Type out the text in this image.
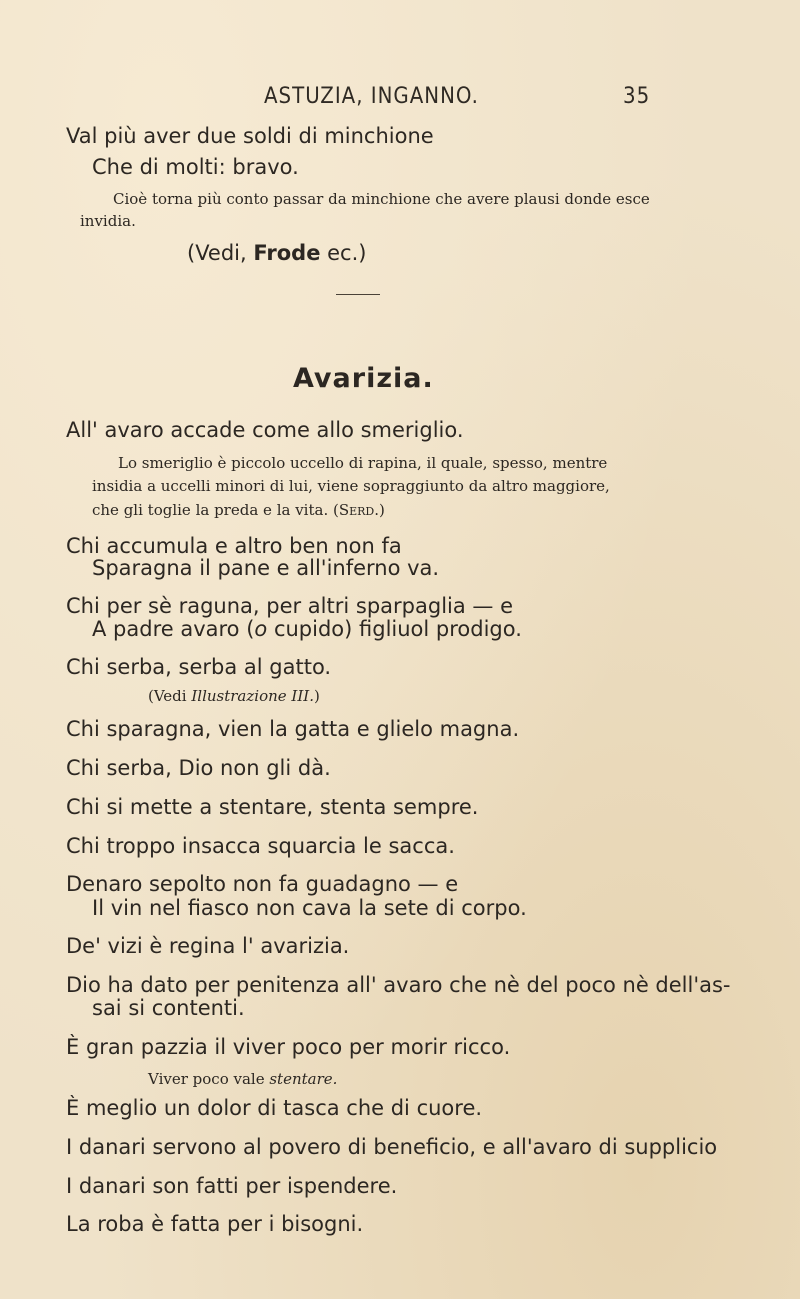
ASTUZIA, INGANNO.	35
Val più aver due soldi di minchione
Che di molti: bravo.
Cioè torna più conto passar da minchione che avere plausi donde esce
invidia.
(Vedi, Frode ec.)
Avarizia.
All' avaro accade come allo smeriglio.
Lo smeriglio è piccolo uccello di rapina, il quale, spesso, mentre
insidia a uccelli minori di lui, viene sopraggiunto da altro maggiore,
che gli toglie la preda e la vita. (Serd.)
Chi accumula e altro ben non fa
Sparagna il pane e all'inferno va.
Chi per sè raguna, per altri sparpaglia — e
A padre avaro (o cupido) figliuol prodigo.
Chi serba, serba al gatto.
(Vedi Illustrazione III.)
Chi sparagna, vien la gatta e glielo magna.
Chi serba, Dio non gli dà.
Chi si mette a stentare, stenta sempre.
Chi troppo insacca squarcia le sacca.
Denaro sepolto non fa guadagno — e
Il vin nel fiasco non cava la sete di corpo.
De' vizi è regina l' avarizia.
Dio ha dato per penitenza all' avaro che nè del poco nè dell'as-
sai si contenti.
È gran pazzia il viver poco per morir ricco.
Viver poco vale stentare.
È meglio un dolor di tasca che di cuore.
I danari servono al povero di beneficio, e all'avaro di supplicio
I danari son fatti per ispendere.
La roba è fatta per i bisogni.
